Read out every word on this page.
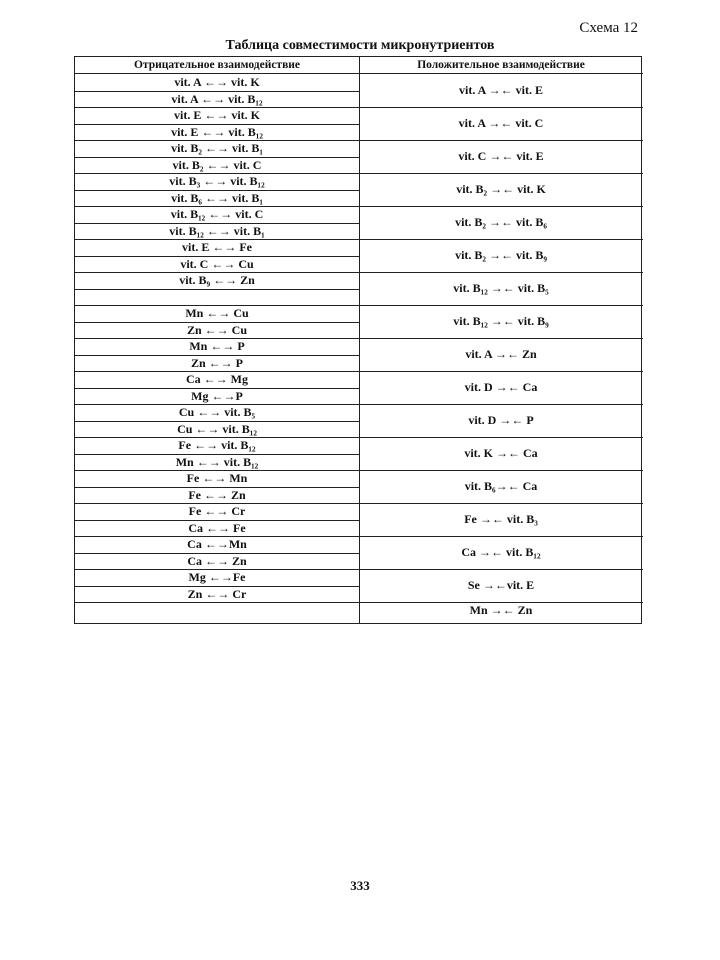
Схема 12
Таблица совместимости микронутриентов
Отрицательное взаимодействие	Положительное взаимодействие
vit. A ←→ vit. K
vit. A ←→ vit. B₁₂
vit. E ←→ vit. K
vit. E ←→ vit. B₁₂
vit. B₂ ←→ vit. B₁
vit. B₂ ←→ vit. C
vit. B₃ ←→ vit. B₁₂
vit. B₆ ←→ vit. B₁
vit. B₁₂ ←→ vit. C
vit. B₁₂ ←→ vit. B₁
vit. E ←→ Fe
vit. C ←→ Cu
vit. B₉ ←→ Zn
Mn ←→ Cu
Zn ←→ Cu
Mn ←→ P
Zn ←→ P
Ca ←→ Mg
Mg ←→P
Cu ←→ vit. B₅
Cu ←→ vit. B₁₂
Fe ←→ vit. B₁₂
Mn ←→ vit. B₁₂
Fe ←→ Mn
Fe ←→ Zn
Fe ←→ Cr
Ca ←→ Fe
Ca ←→Mn
Ca ←→ Zn
Mg ←→Fe
Zn ←→ Cr
vit. A →← vit. E
vit. A →← vit. C
vit. C →← vit. E
vit. B₂ →← vit. K
vit. B₂ →← vit. B₆
vit. B₂ →← vit. B₉
vit. B₁₂ →← vit. B₅
vit. B₁₂ →← vit. B₉
vit. A →← Zn
vit. D →← Ca
vit. D →← P
vit. K →← Ca
vit. B₆→← Ca
Fe →← vit. B₃
Ca →← vit. B₁₂
Se →←vit. E
Mn →← Zn
333
